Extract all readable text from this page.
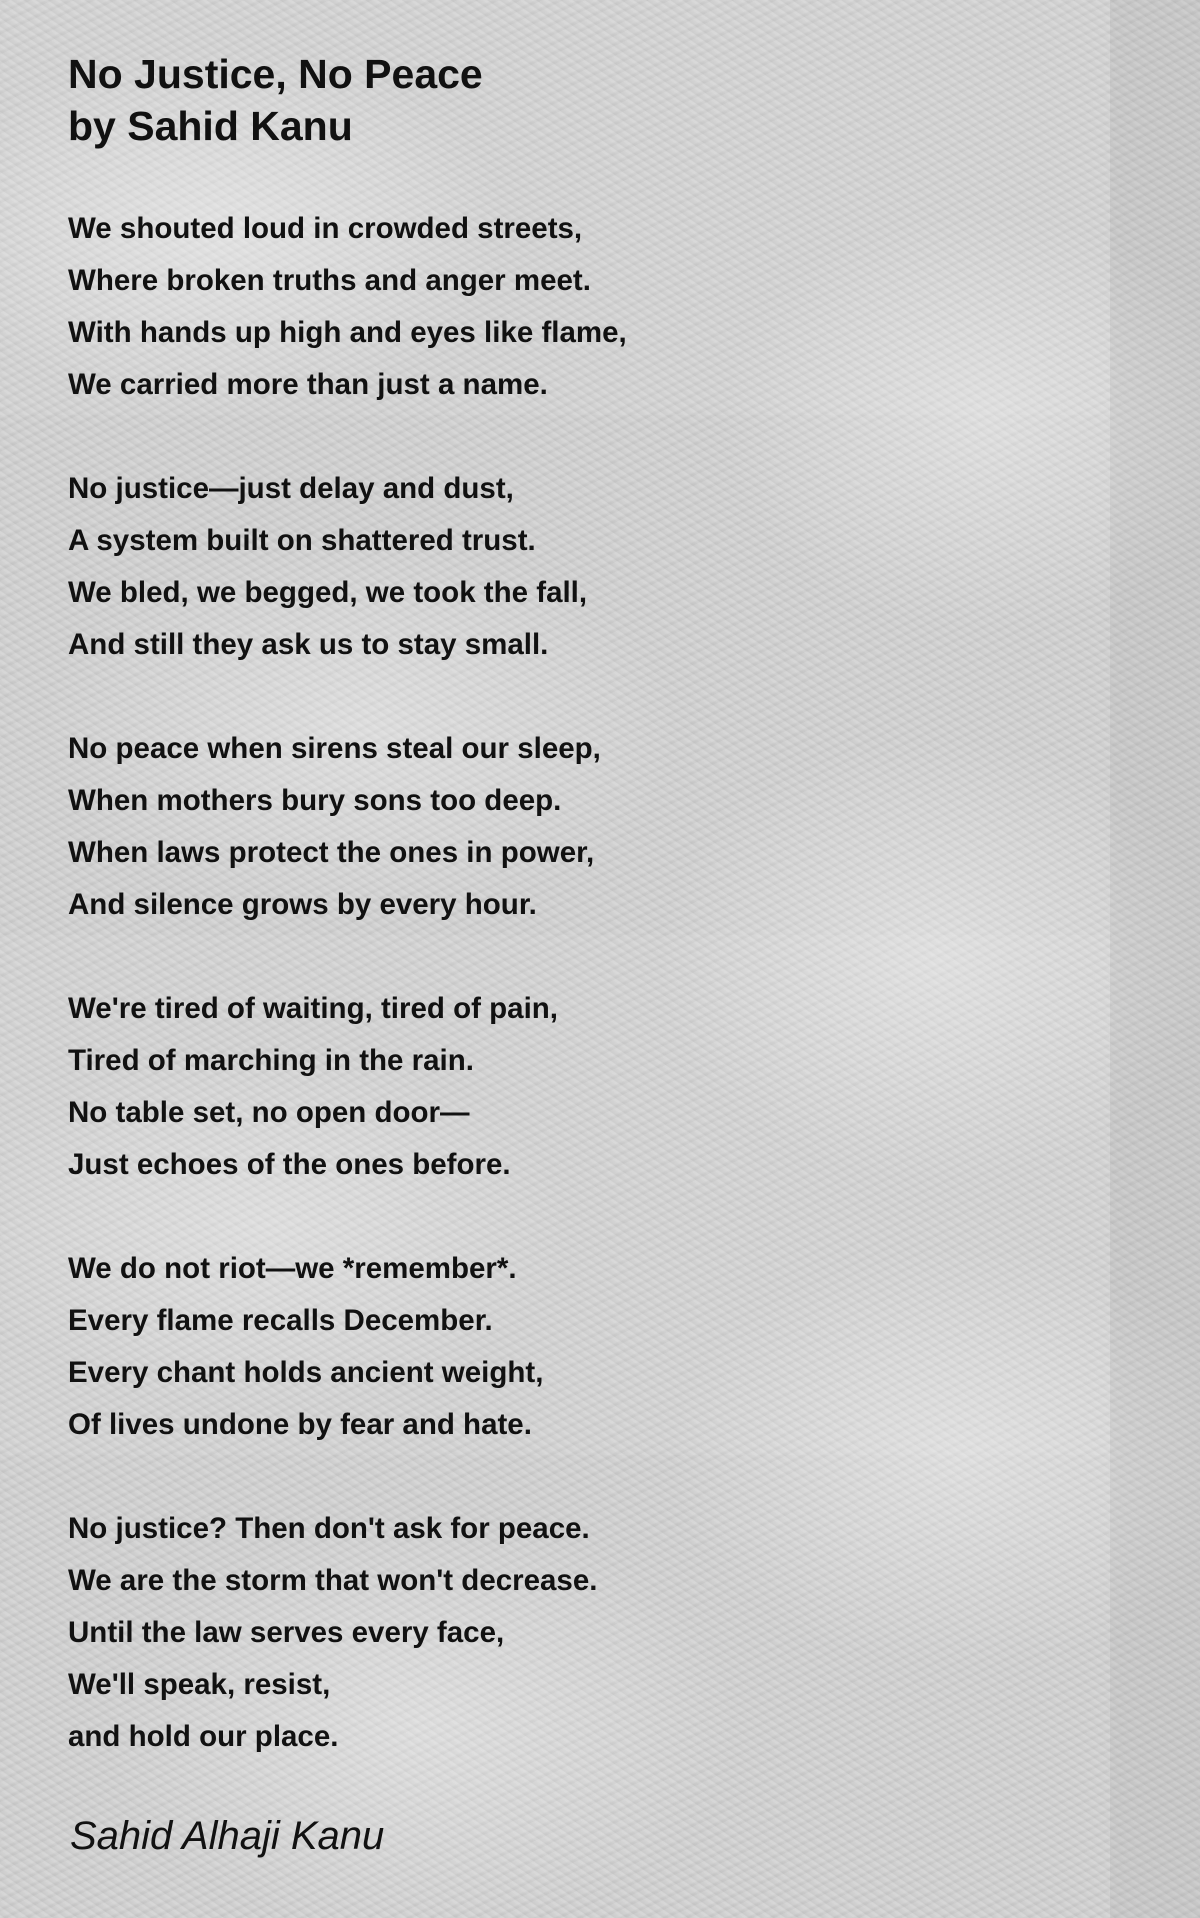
No Justice, No Peace
by Sahid Kanu
We shouted loud in crowded streets,
Where broken truths and anger meet.
With hands up high and eyes like flame,
We carried more than just a name.
No justice—just delay and dust,
A system built on shattered trust.
We bled, we begged, we took the fall,
And still they ask us to stay small.
No peace when sirens steal our sleep,
When mothers bury sons too deep.
When laws protect the ones in power,
And silence grows by every hour.
We're tired of waiting, tired of pain,
Tired of marching in the rain.
No table set, no open door—
Just echoes of the ones before.
We do not riot—we *remember*.
Every flame recalls December.
Every chant holds ancient weight,
Of lives undone by fear and hate.
No justice? Then don't ask for peace.
We are the storm that won't decrease.
Until the law serves every face,
We'll speak, resist,
and hold our place.
Sahid Alhaji Kanu
